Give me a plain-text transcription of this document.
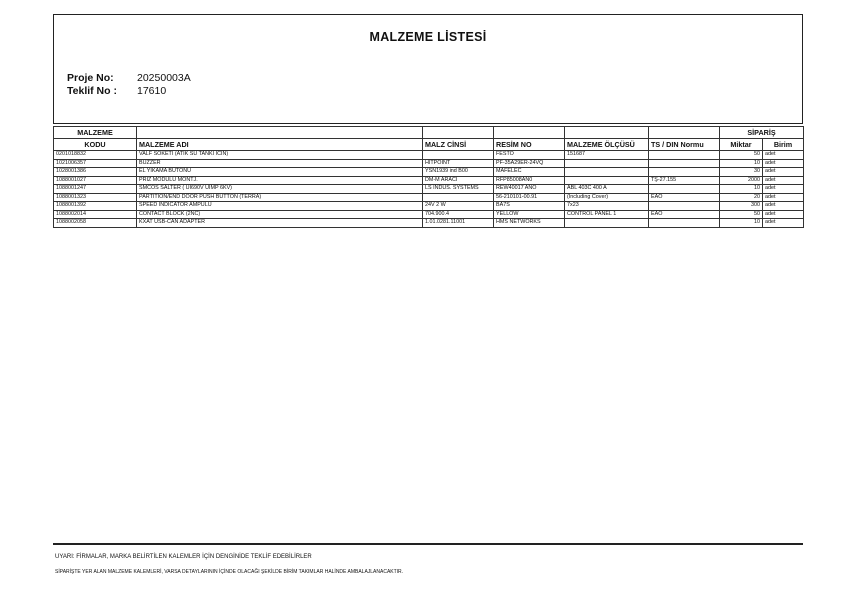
MALZEME LİSTESİ
Proje No:	20250003A
Teklif No :	17610
MALZEME						SİPARİŞ	
KODU	MALZEME ADI	MALZ CİNSİ	RESİM NO	MALZEME ÖLÇÜSÜ	TS / DIN Normu	Miktar	Birim
0201018832	VALF SOKETI (ATIK SU TANKI ICIN)		FESTO	151687		50	adet
1021006357	BUZZER	HITPOINT	PF-35A29ER-24VQ			10	adet
1028001386	EL YIKAMA BUTONU	YSN1939 ind B00	MAFELEC			30	adet
1088001027	PRIZ MODULU MONTJ.	DM-M ARACI	RFP85008AN0		TŞ-27.155	2000	adet
1088001247	SMCOS SALTER ( UI690V UIMP 6KV)	LS INDUS. SYSTEMS	REW40017 ANO	ABL 403C 400 A		10	adet
1088001323	PARTITION/END DOOR PUSH BUTTON (TERRA)		56-210101-00.91	(Including Cover)	EAO	20	adet
1088001392	SPEED INDICATOR AMPULU	24V 2 W	BA7S	7x23		300	adet
1088002014	CONTACT BLOCK (2NC)	704.900.4	YELLOW	CONTROL PANEL 1	EAO	50	adet
1088002058	KXAT USB-CAN ADAPTER	1.01.0281.11001	HMS NETWORKS			10	adet
UYARI: FİRMALAR, MARKA BELİRTİLEN KALEMLER İÇİN DENGİNİDE TEKLİF EDEBİLİRLER
SİPARİŞTE YER ALAN MALZEME KALEMLERİ, VARSA DETAYLARININ İÇİNDE OLACAĞI ŞEKİLDE BİRİM TAKIMLAR HALİNDE AMBALAJLANACAKTIR.
